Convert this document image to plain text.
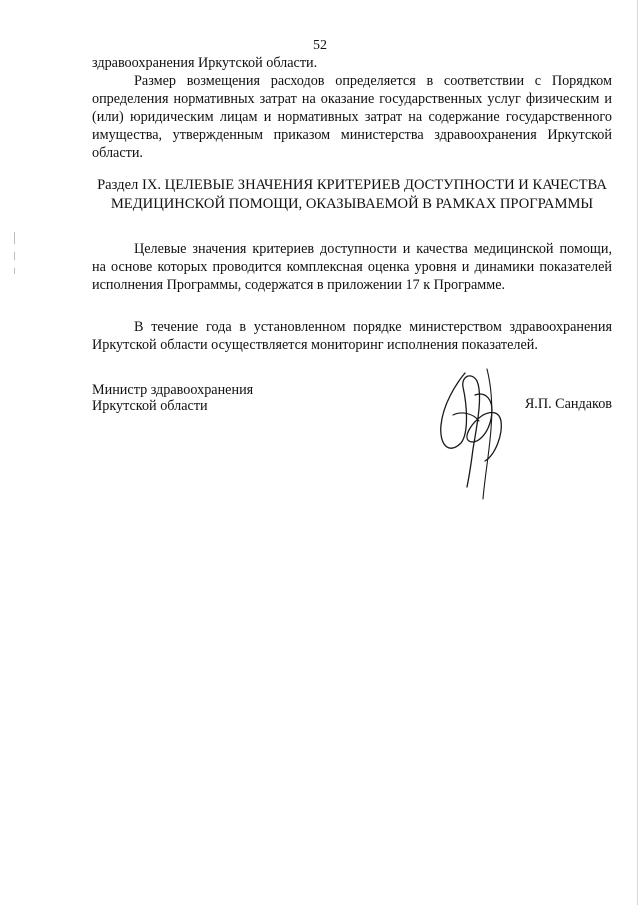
52

здравоохранения Иркутской области.

Размер возмещения расходов определяется в соответствии с Порядком определения нормативных затрат на оказание государственных услуг физическим и (или) юридическим лицам и нормативных затрат на содержание государственного имущества, утвержденным приказом министерства здравоохранения Иркутской области.

Раздел IX. ЦЕЛЕВЫЕ ЗНАЧЕНИЯ КРИТЕРИЕВ ДОСТУПНОСТИ И КАЧЕСТВА МЕДИЦИНСКОЙ ПОМОЩИ, ОКАЗЫВАЕМОЙ В РАМКАХ ПРОГРАММЫ

Целевые значения критериев доступности и качества медицинской помощи, на основе которых проводится комплексная оценка уровня и динамики показателей исполнения Программы, содержатся в приложении 17 к Программе.

В течение года в установленном порядке министерством здравоохранения Иркутской области осуществляется мониторинг исполнения показателей.

Министр здравоохранения
Иркутской области	Я.П. Сандаков
